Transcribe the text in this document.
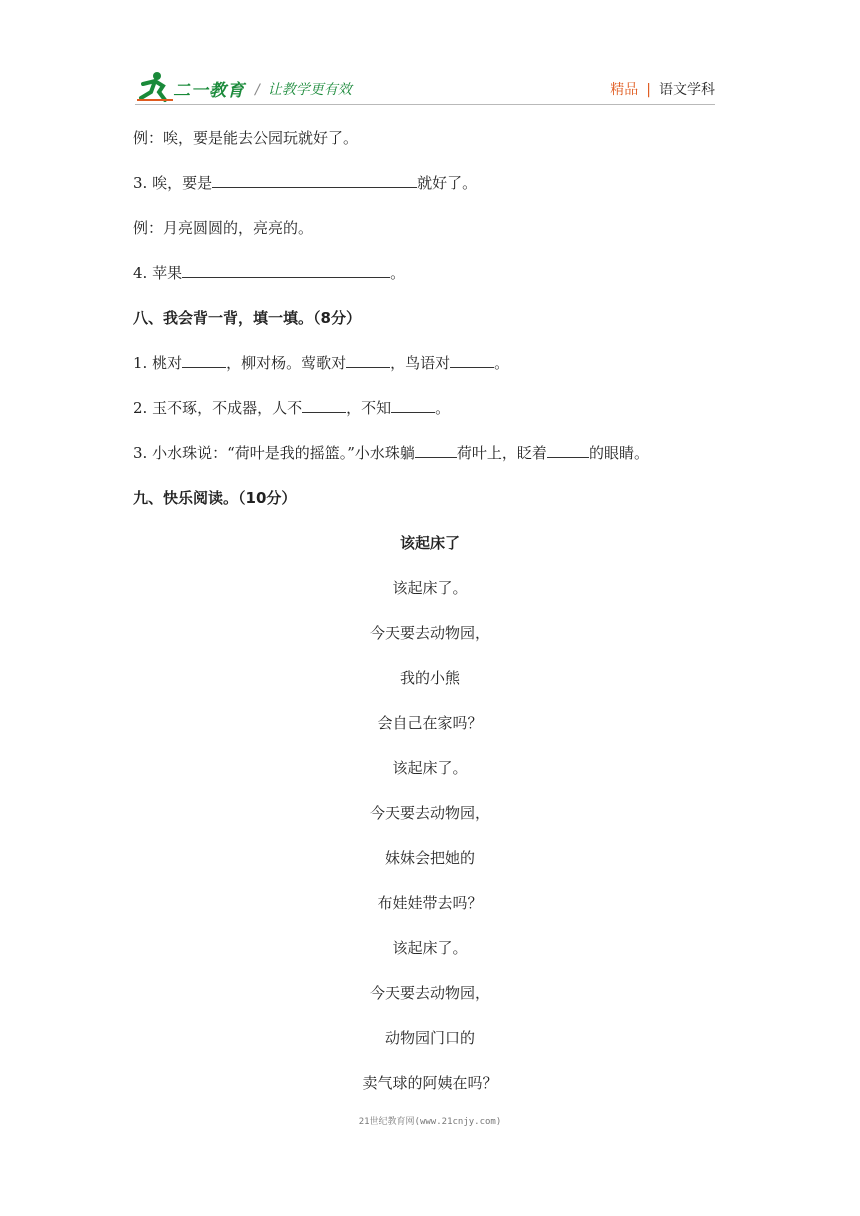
二一教育 / 让教学更有效	精品 | 语文学科
例：唉，要是能去公园玩就好了。
3. 唉，要是	就好了。
例：月亮圆圆的，亮亮的。
4. 苹果	。
八、我会背一背，填一填。（8分）
1. 桃对	，柳对杨。莺歌对	，鸟语对	。
2. 玉不琢，不成器，人不	，不知	。
3. 小水珠说：“荷叶是我的摇篮。”小水珠躺	荷叶上，眨着	的眼睛。
九、快乐阅读。（10分）
该起床了
该起床了。
今天要去动物园，
我的小熊
会自己在家吗？
该起床了。
今天要去动物园，
妹妹会把她的
布娃娃带去吗？
该起床了。
今天要去动物园，
动物园门口的
卖气球的阿姨在吗？
21世纪教育网(www.21cnjy.com)
